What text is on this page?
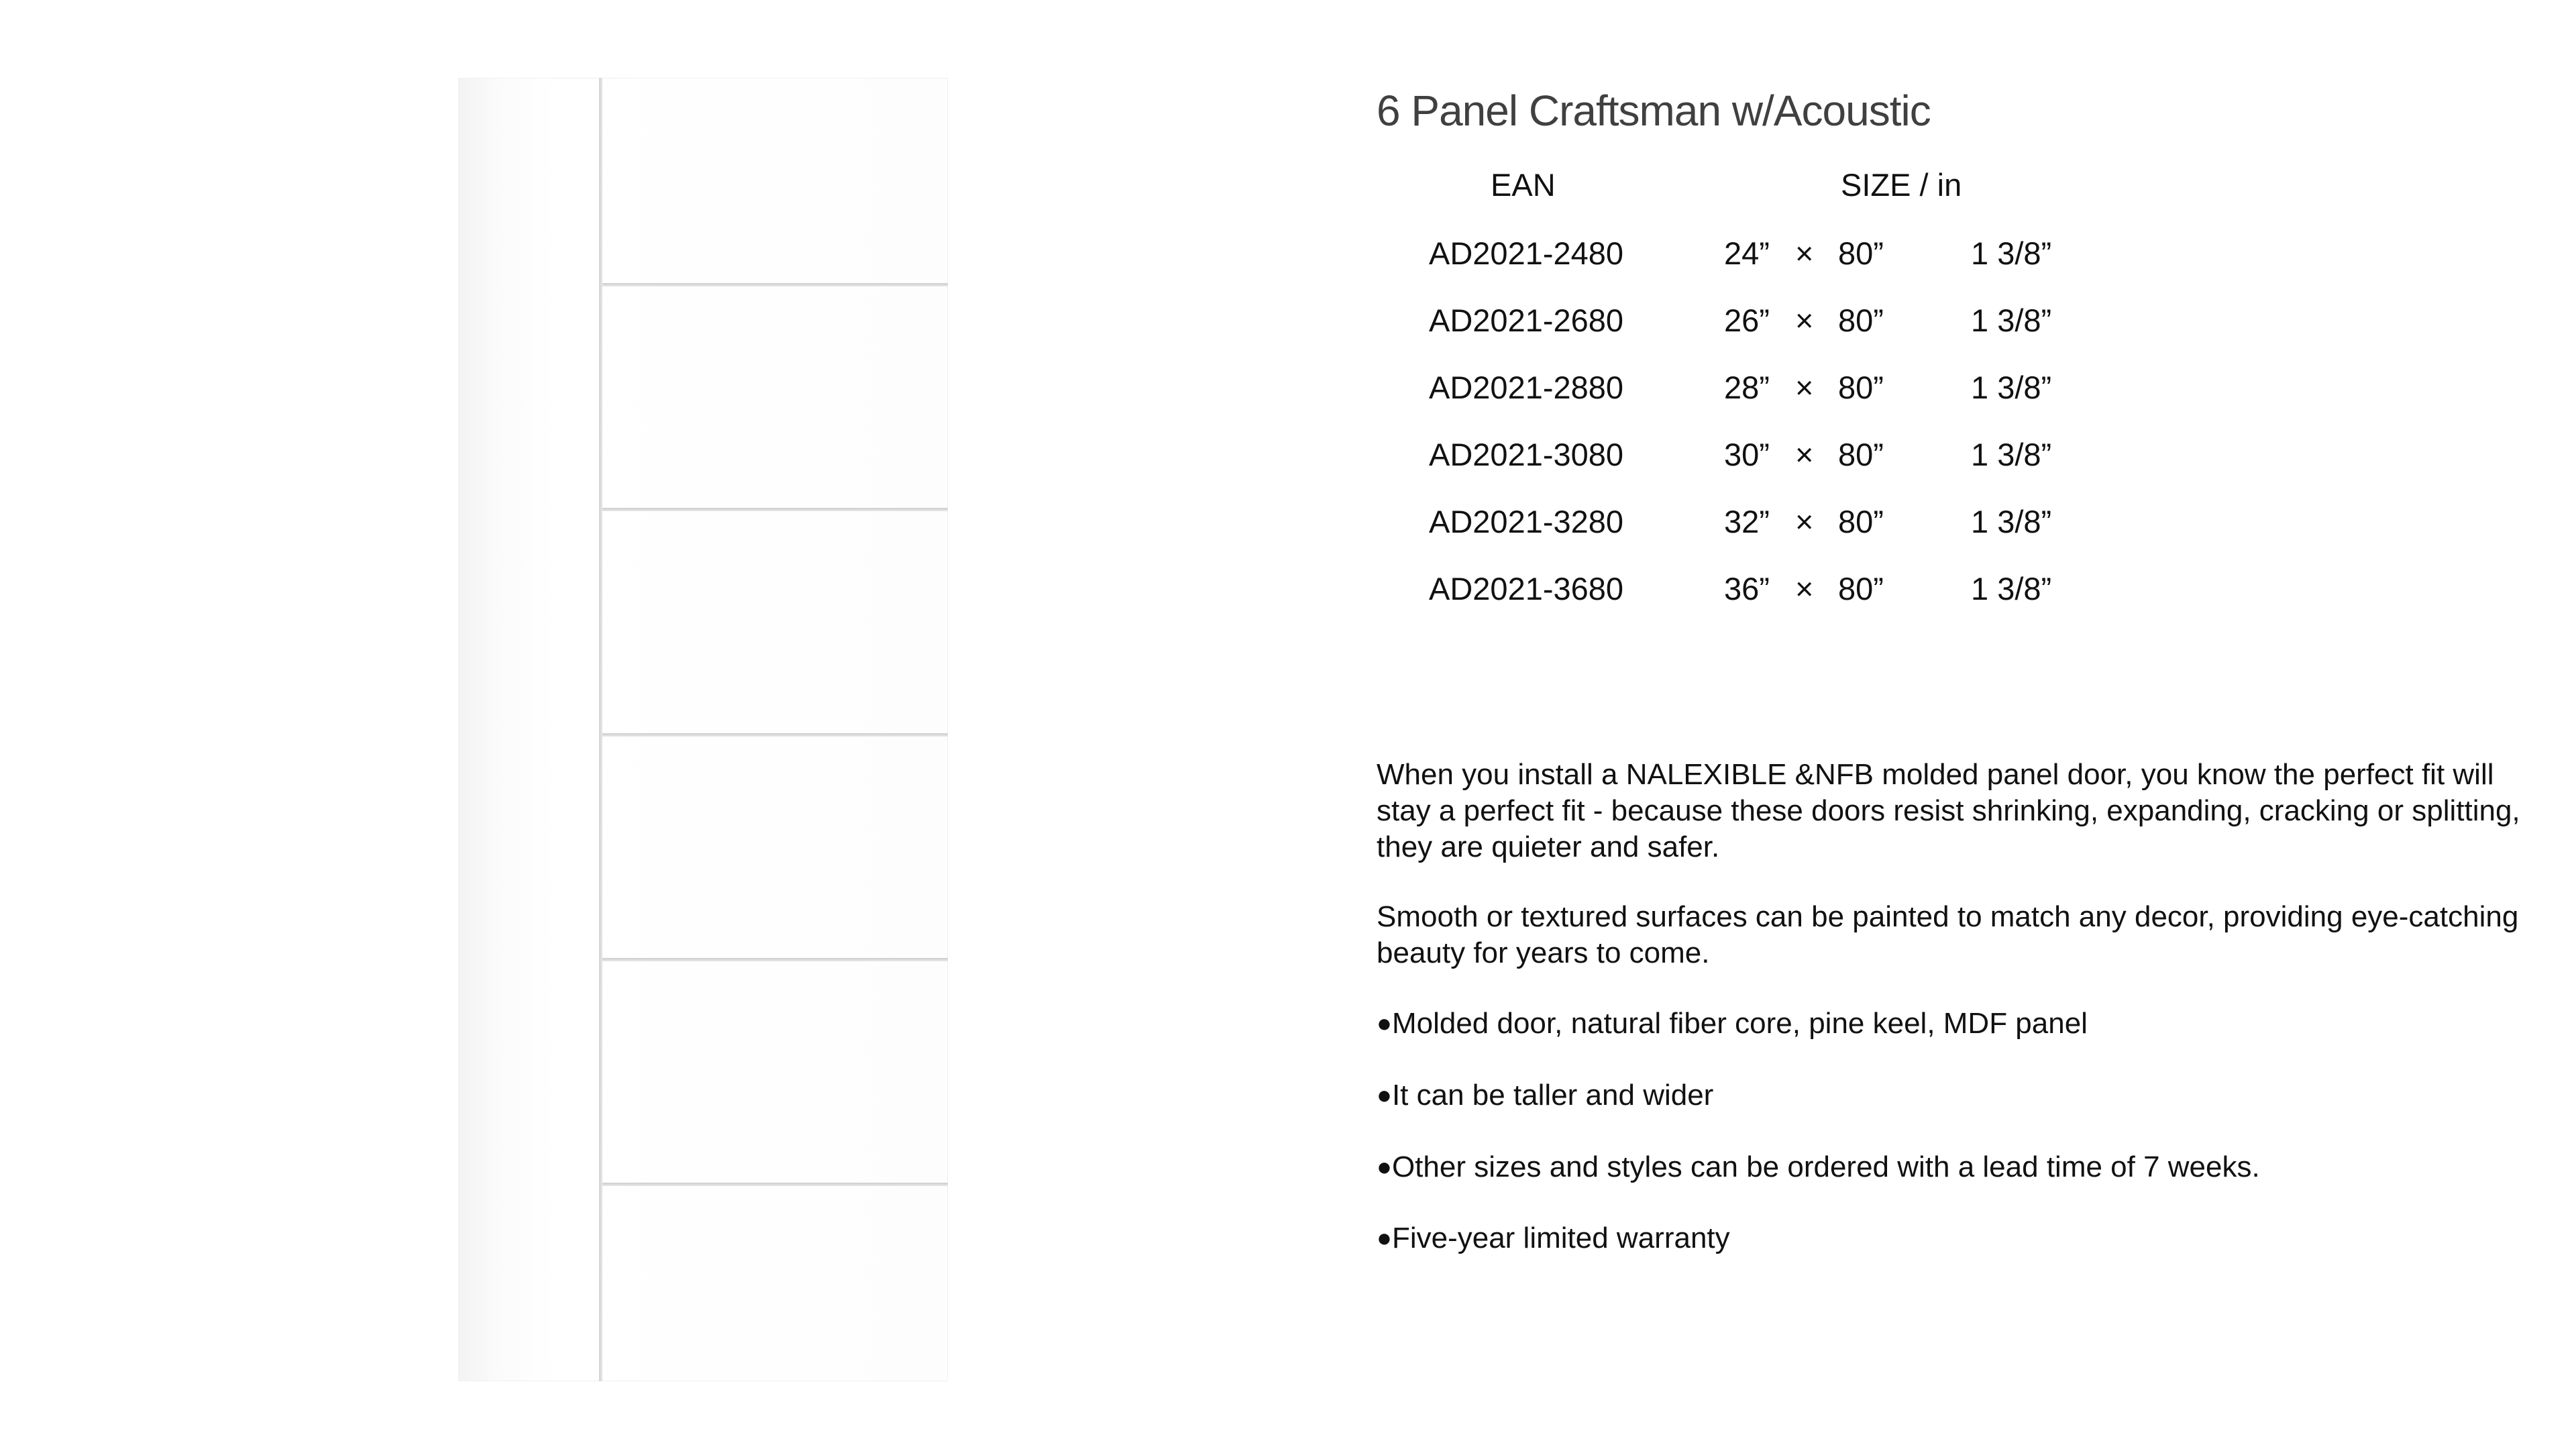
6 Panel Craftsman w/Acoustic
EAN	SIZE / in
AD2021-2480	24” × 80”	1 3/8”
AD2021-2680	26” × 80”	1 3/8”
AD2021-2880	28” × 80”	1 3/8”
AD2021-3080	30” × 80”	1 3/8”
AD2021-3280	32” × 80”	1 3/8”
AD2021-3680	36” × 80”	1 3/8”

When you install a NALEXIBLE &NFB molded panel door, you know the perfect fit will stay a perfect fit - because these doors resist shrinking, expanding, cracking or splitting, they are quieter and safer.

Smooth or textured surfaces can be painted to match any decor, providing eye-catching beauty for years to come.

●Molded door, natural fiber core, pine keel, MDF panel
●It can be taller and wider
●Other sizes and styles can be ordered with a lead time of 7 weeks.
●Five-year limited warranty
